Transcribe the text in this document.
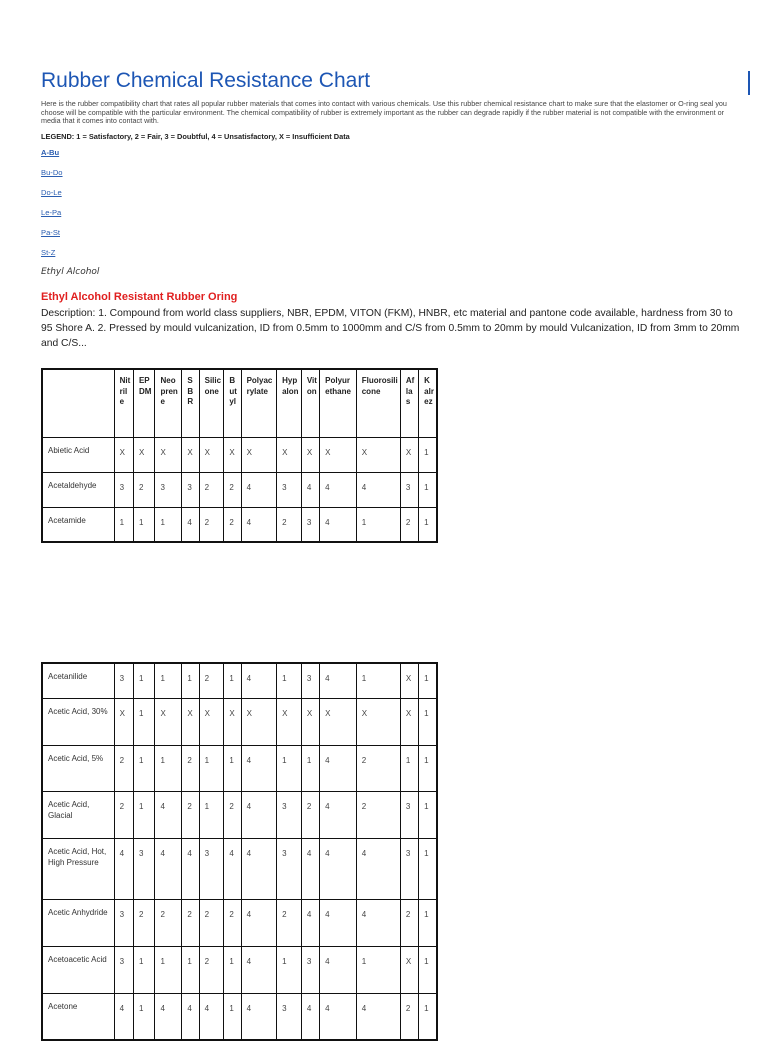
Rubber Chemical Resistance Chart

Here is the rubber compatibility chart that rates all popular rubber materials that comes into contact with various chemicals. Use this rubber chemical resistance chart to make sure that the elastomer or O-ring seal you choose will be compatible with the particular environment. The chemical compatibility of rubber is extremely important as the rubber can degrade rapidly if the rubber material is not compatible with the environment or media that it comes into contact with.

LEGEND: 1 = Satisfactory, 2 = Fair, 3 = Doubtful, 4 = Unsatisfactory, X = Insufficient Data

A-Bu
Bu-Do
Do-Le
Le-Pa
Pa-St
St-Z

Ethyl Alcohol

Ethyl Alcohol Resistant Rubber Oring

Description: 1. Compound from world class suppliers, NBR, EPDM, VITON (FKM), HNBR, etc material and pantone code available, hardness from 30 to 95 Shore A. 2. Pressed by mould vulcanization, ID from 0.5mm to 1000mm and C/S from 0.5mm to 20mm by mould Vulcanization, ID from 3mm to 20mm and C/S...

	Nitrile	EPDM	Neoprene	SBR	Silicone	Butyl	Polyacrylate	Hypalon	Viton	Polyurethane	Fluorosilicone	Aflas	Kalrez
Abietic Acid	X	X	X	X	X	X	X	X	X	X	X	X	1
Acetaldehyde	3	2	3	3	2	2	4	3	4	4	4	3	1
Acetamide	1	1	1	4	2	2	4	2	3	4	1	2	1
Acetanilide	3	1	1	1	2	1	4	1	3	4	1	X	1
Acetic Acid, 30%	X	1	X	X	X	X	X	X	X	X	X	X	1
Acetic Acid, 5%	2	1	1	2	1	1	4	1	1	4	2	1	1
Acetic Acid, Glacial	2	1	4	2	1	2	4	3	2	4	2	3	1
Acetic Acid, Hot, High Pressure	4	3	4	4	3	4	4	3	4	4	4	3	1
Acetic Anhydride	3	2	2	2	2	2	4	2	4	4	4	2	1
Acetoacetic Acid	3	1	1	1	2	1	4	1	3	4	1	X	1
Acetone	4	1	4	4	4	1	4	3	4	4	4	2	1
